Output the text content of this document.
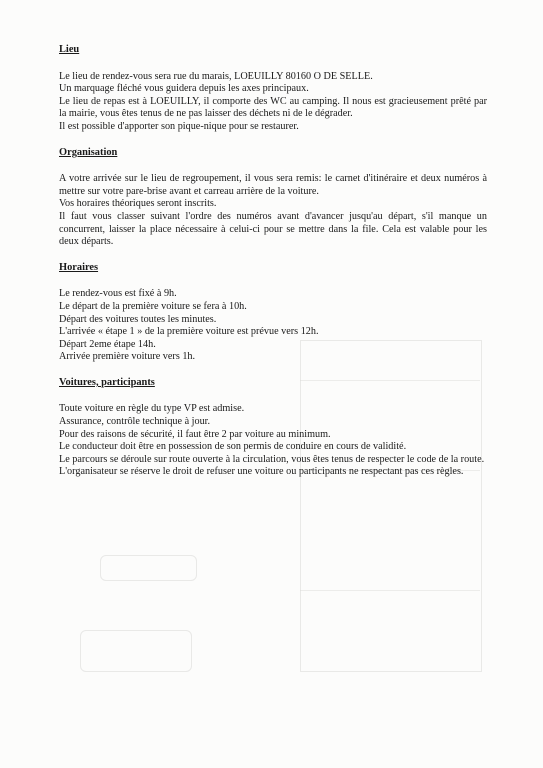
Lieu

Le lieu de rendez-vous sera rue du marais, LOEUILLY 80160 O DE SELLE.

Un marquage fléché vous guidera depuis les axes principaux.

Le lieu de repas est à LOEUILLY, il comporte des WC au camping. Il nous est gracieusement prêté par la mairie, vous êtes tenus de ne pas laisser des déchets ni de le dégrader.

Il est possible d'apporter son pique-nique pour se restaurer.

Organisation

A votre arrivée sur le lieu de regroupement, il vous sera remis: le carnet d'itinéraire et deux numéros à mettre sur votre pare-brise avant et carreau arrière de la voiture.

Vos horaires théoriques seront inscrits.

Il faut vous classer suivant l'ordre des numéros avant d'avancer jusqu'au départ, s'il manque un concurrent, laisser la place nécessaire à celui-ci pour se mettre dans la file. Cela est valable pour les deux départs.

Horaires

Le rendez-vous est fixé à 9h.

Le départ de la première voiture se fera à 10h.

Départ des voitures toutes les minutes.

L'arrivée « étape 1 » de la première voiture est prévue vers 12h.

Départ 2eme étape 14h.

Arrivée première voiture vers 1h.

Voitures, participants

Toute voiture en règle du type VP est admise.

Assurance, contrôle technique à jour.

Pour des raisons de sécurité, il faut être 2 par voiture au minimum.

Le conducteur doit être en possession de son permis de conduire en cours de validité.

Le parcours se déroule sur route ouverte à la circulation, vous êtes tenus de respecter le code de la route.

L'organisateur se réserve le droit de refuser une voiture ou participants ne respectant pas ces règles.
